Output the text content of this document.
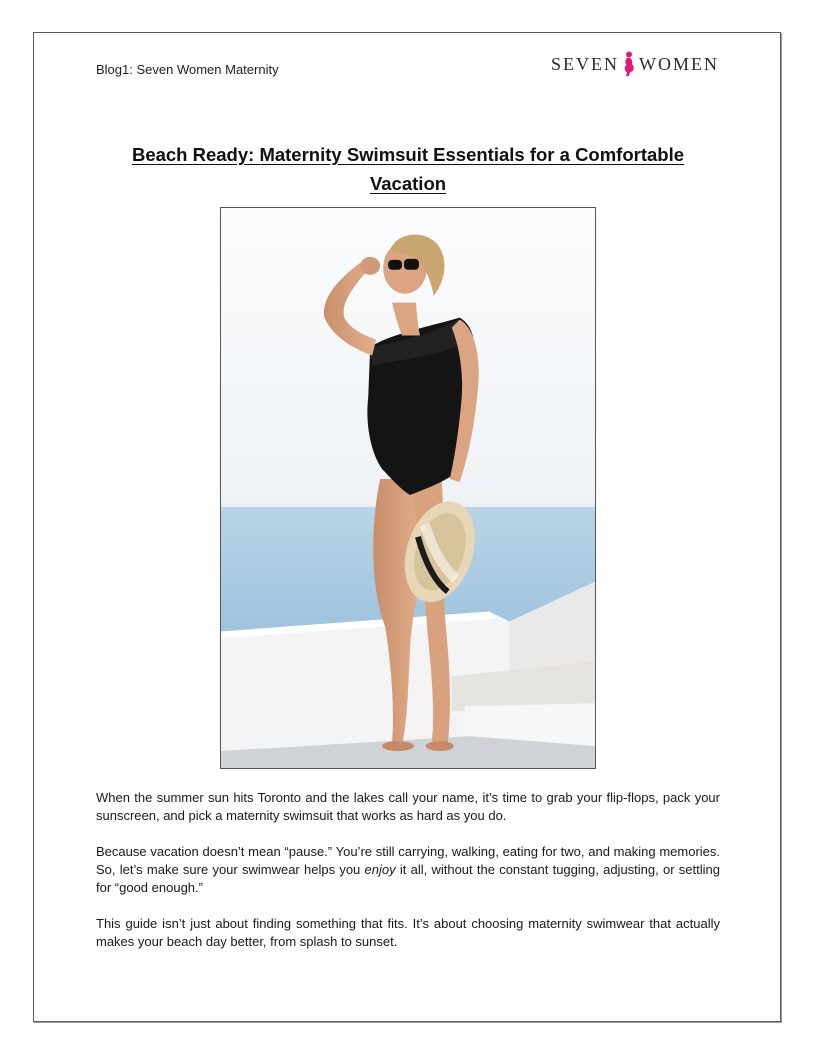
Blog1: Seven Women Maternity	SEVEN WOMEN
Beach Ready: Maternity Swimsuit Essentials for a Comfortable Vacation

When the summer sun hits Toronto and the lakes call your name, it’s time to grab your flip-flops, pack your sunscreen, and pick a maternity swimsuit that works as hard as you do.

Because vacation doesn’t mean “pause.” You’re still carrying, walking, eating for two, and making memories. So, let’s make sure your swimwear helps you enjoy it all, without the constant tugging, adjusting, or settling for “good enough.”

This guide isn’t just about finding something that fits. It’s about choosing maternity swimwear that actually makes your beach day better, from splash to sunset.
